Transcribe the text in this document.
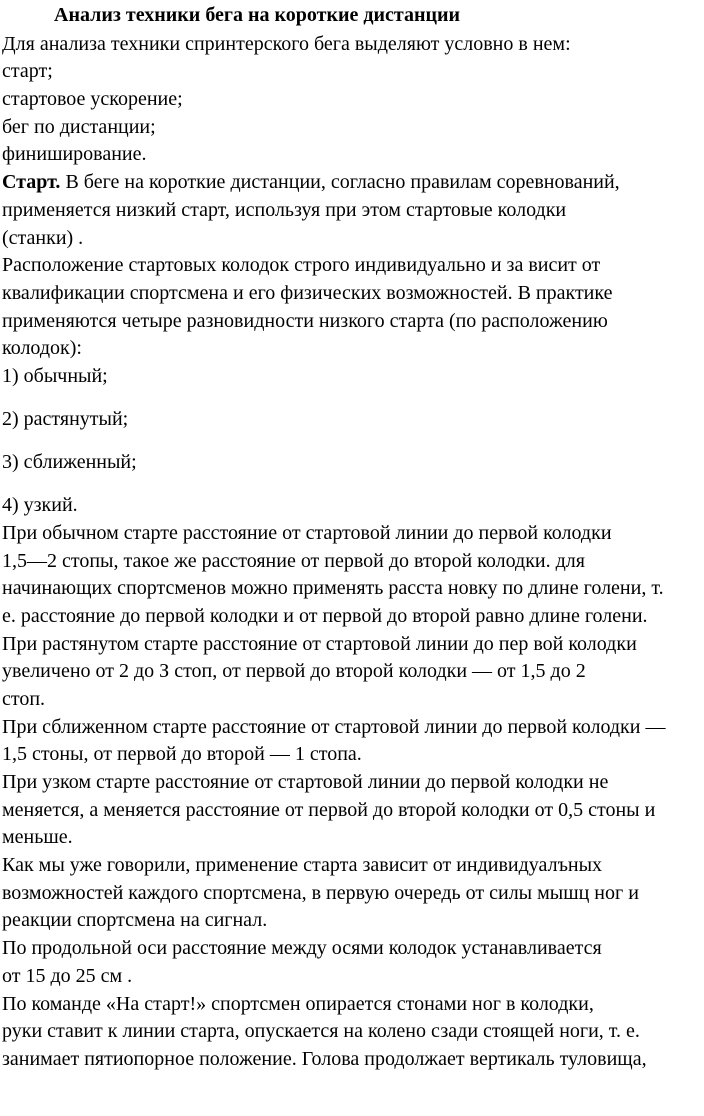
Анализ техники бега на короткие дистанции
Для анализа техники спринтерского бега выделяют условно в нем:
старт;
стартовое ускорение;
бег по дистанции;
финиширование.
Старт. В беге на короткие дистанции, согласно правилам соревнований,
применяется низкий старт, используя при этом стартовые колодки
(станки) .
Расположение стартовых колодок строго индивидуально и за висит от
квалификации спортсмена и его физических возможностей. В практике
применяются четыре разновидности низкого старта (по расположению
колодок):
1) обычный;
2) растянутый;
3) сближенный;
4) узкий.
При обычном старте расстояние от стартовой линии до первой колодки
1,5—2 стопы, такое же расстояние от первой до второй колодки. для
начинающих спортсменов можно применять расста новку по длине голени, т.
е. расстояние до первой колодки и от первой до второй равно длине голени.
При растянутом старте расстояние от стартовой линии до пер вой колодки
увеличено от 2 до З стоп, от первой до второй колодки — от 1,5 до 2
стоп.
При сближенном старте расстояние от стартовой линии до первой колодки —
1,5 стоны, от первой до второй — 1 стопа.
При узком старте расстояние от стартовой линии до первой колодки не
меняется, а меняется расстояние от первой до второй колодки от 0,5 стоны и
меньше.
Как мы уже говорили, применение старта зависит от индивидуалъных
возможностей каждого спортсмена, в первую очередь от силы мышц ног и
реакции спортсмена на сигнал.
По продольной оси расстояние между осями колодок устанавливается
от 15 до 25 см .
По команде «На старт!» спортсмен опирается стонами ног в колодки,
руки ставит к линии старта, опускается на колено сзади стоящей ноги, т. е.
занимает пятиопорное положение. Голова продолжает вертикаль туловища,
